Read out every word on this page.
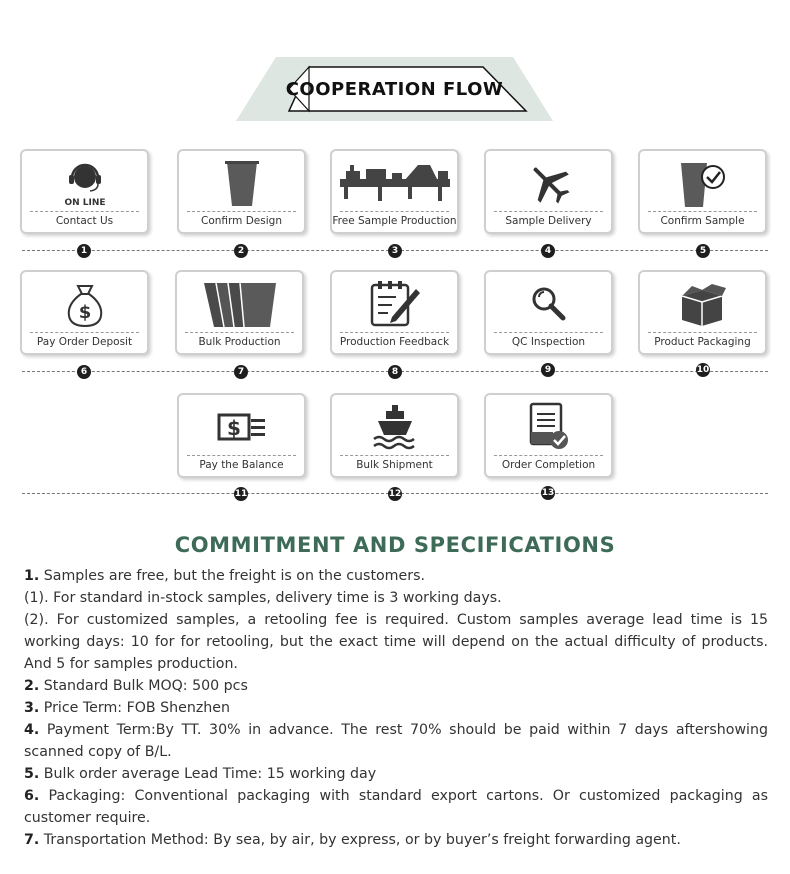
COOPERATION FLOW
ON LINE
Contact Us	Confirm Design	Free Sample Production	Sample Delivery	Confirm Sample
1	2	3	4	5
$
Pay Order Deposit	Bulk Production	Production Feedback	QC Inspection	Product Packaging
6	7	8	9	10
$
Pay the Balance	Bulk Shipment	Order Completion
11	12	13
COMMITMENT AND SPECIFICATIONS
1. Samples are free, but the freight is on the customers.
(1). For standard in-stock samples, delivery time is 3 working days.
(2). For customized samples, a retooling fee is required. Custom samples average lead time is 15 working days: 10 for for retooling, but the exact time will depend on the actual difficulty of products. And 5 for samples production.
2. Standard Bulk MOQ: 500 pcs
3. Price Term: FOB Shenzhen
4. Payment Term:By TT. 30% in advance. The rest 70% should be paid within 7 days aftershowing scanned copy of B/L.
5. Bulk order average Lead Time: 15 working day
6. Packaging: Conventional packaging with standard export cartons. Or customized packaging as customer require.
7. Transportation Method: By sea, by air, by express, or by buyer’s freight forwarding agent.
